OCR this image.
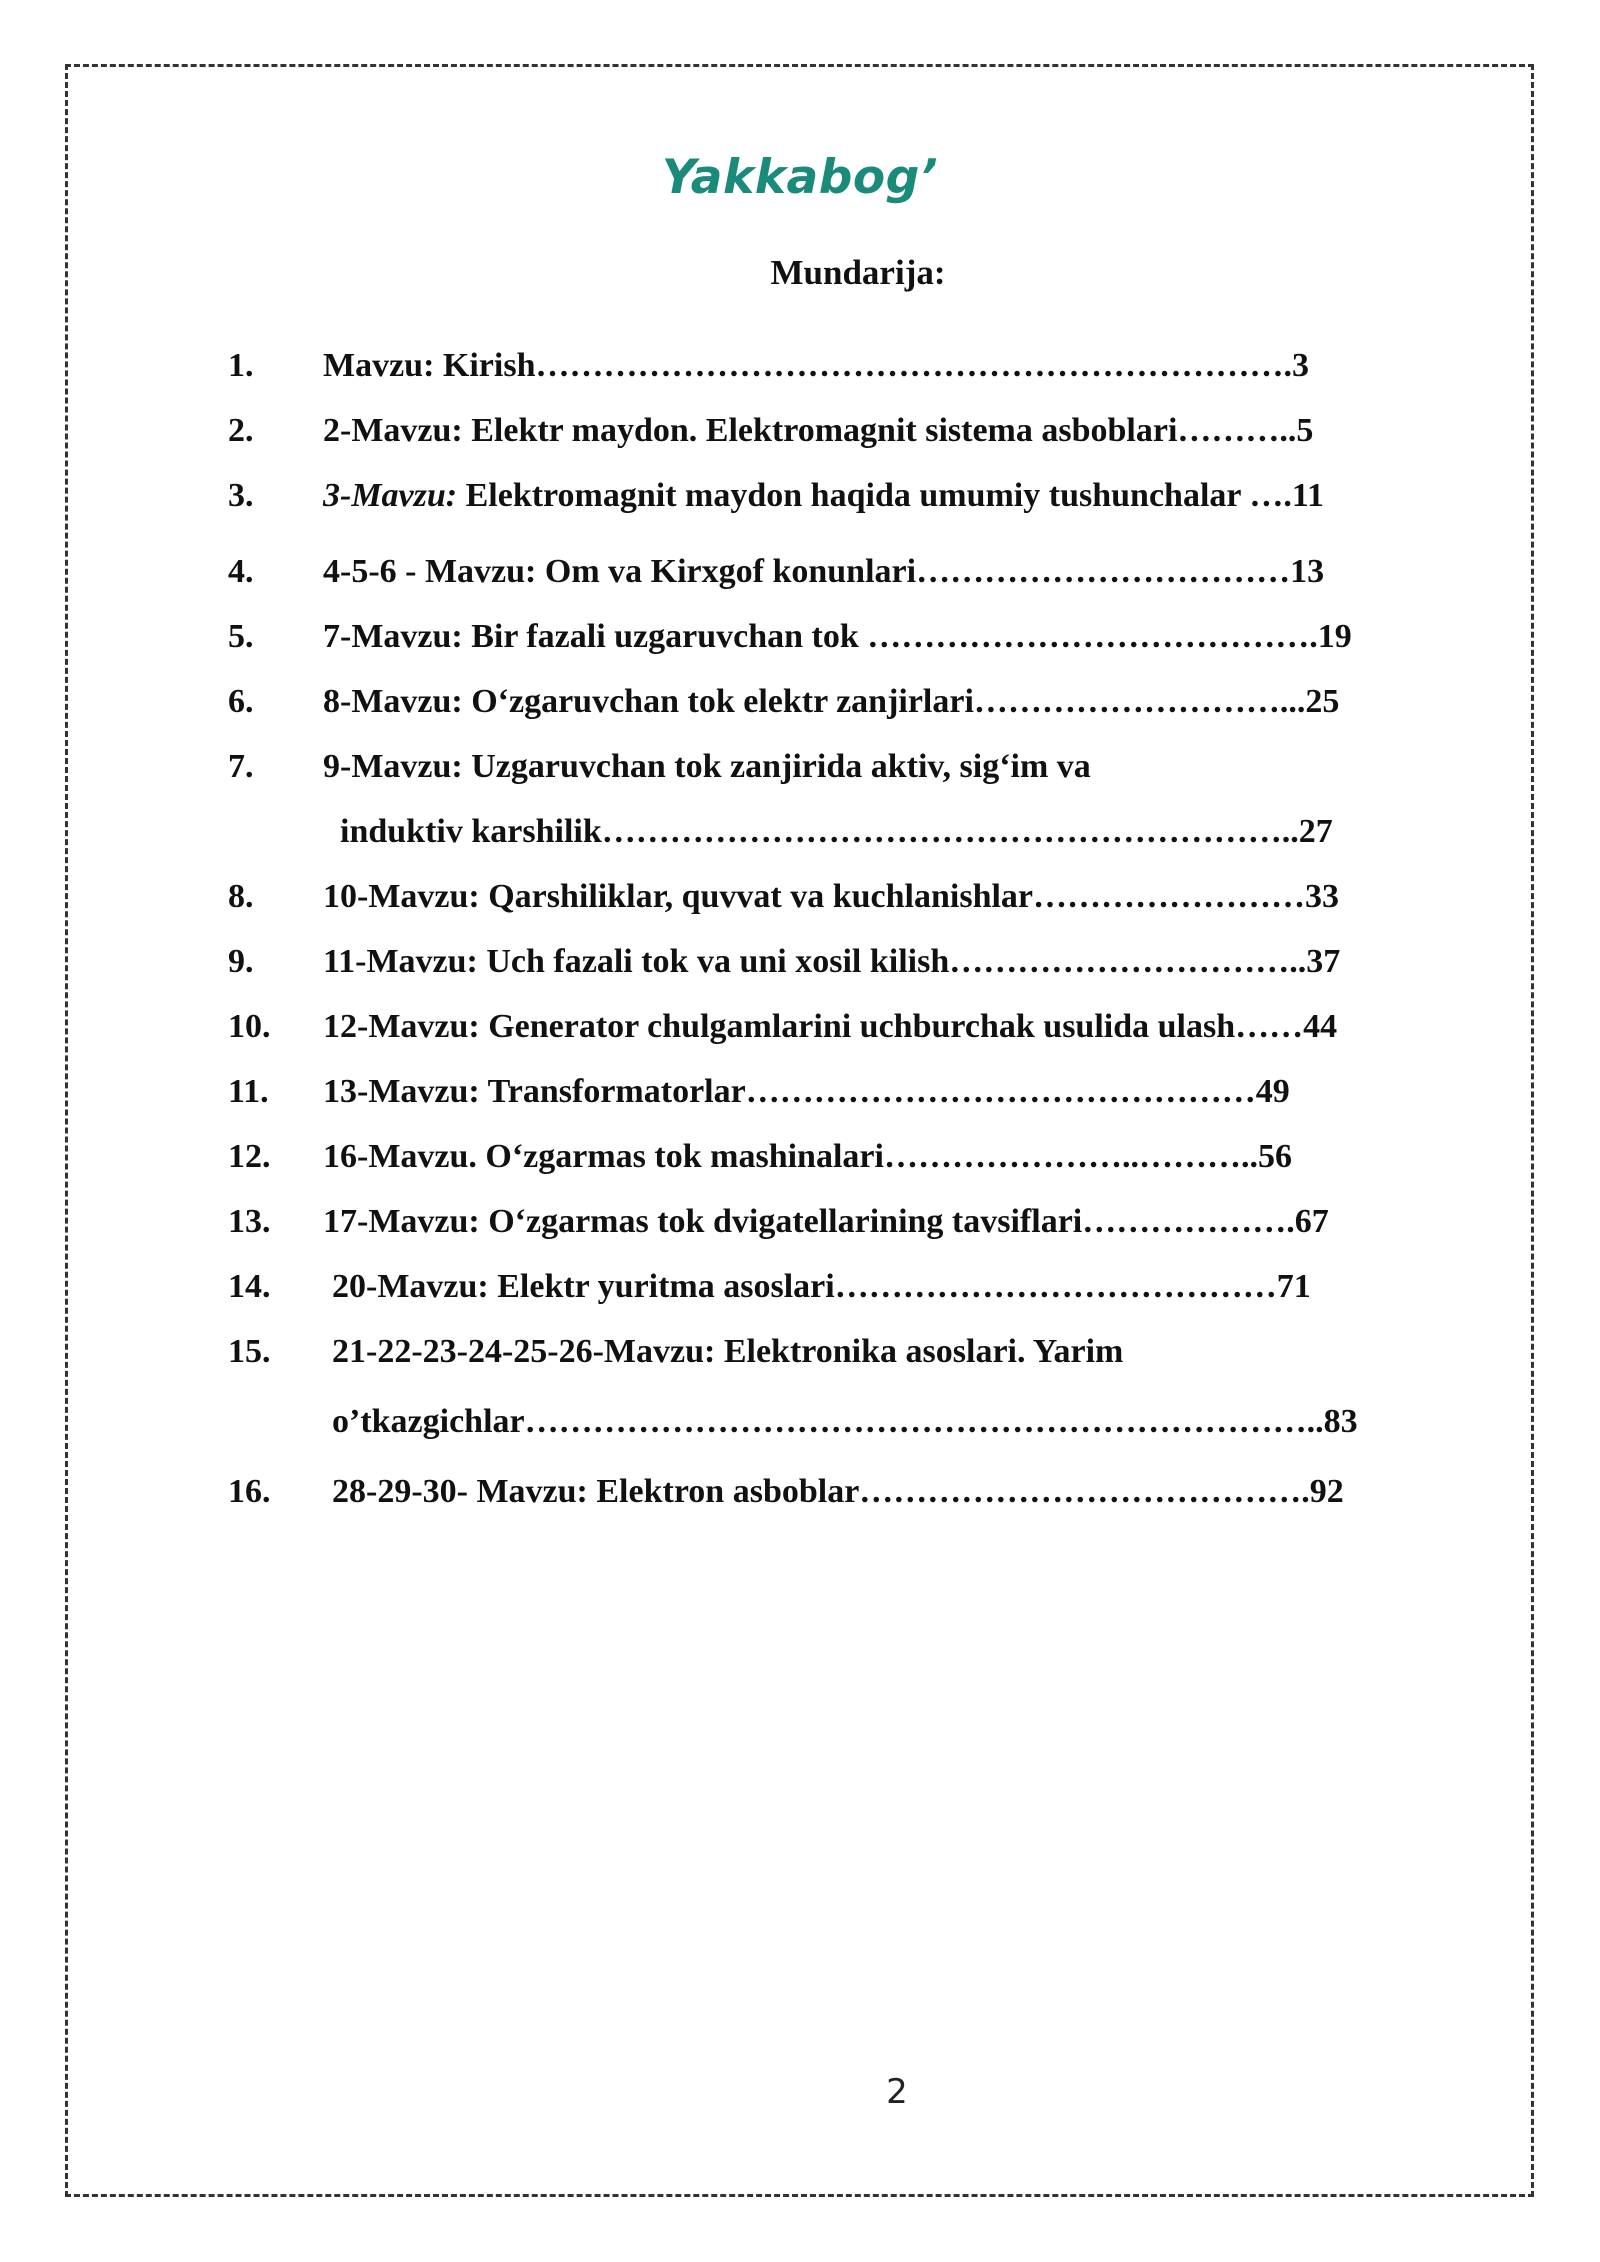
Yakkabog’
Mundarija:
1. Mavzu: Kirish………………………………………………………….3
2. 2-Mavzu: Elektr maydon. Elektromagnit sistema asboblari………..5
3. 3-Mavzu: Elektromagnit maydon haqida umumiy tushunchalar ….11
4. 4-5-6 - Mavzu: Om va Kirxgof konunlari……………………………13
5. 7-Mavzu: Bir fazali uzgaruvchan tok ………………………………….19
6. 8-Mavzu: O‘zgaruvchan tok elektr zanjirlari………………………...25
7. 9-Mavzu: Uzgaruvchan tok zanjirida aktiv, sig‘im va
induktiv karshilik……………………………………………………..27
8. 10-Mavzu: Qarshiliklar, quvvat va kuchlanishlar……………………33
9. 11-Mavzu: Uch fazali tok va uni xosil kilish…………………………..37
10. 12-Mavzu: Generator chulgamlarini uchburchak usulida ulash……44
11. 13-Mavzu: Transformatorlar………………………………………49
12. 16-Mavzu. O‘zgarmas tok mashinalari…………………..………..56
13. 17-Mavzu: O‘zgarmas tok dvigatellarining tavsiflari……………….67
14. 20-Mavzu: Elektr yuritma asoslari…………………………………71
15. 21-22-23-24-25-26-Mavzu: Elektronika asoslari. Yarim
o’tkazgichlar……………………………………………………………..83
16. 28-29-30- Mavzu: Elektron asboblar………………………………….92
2
